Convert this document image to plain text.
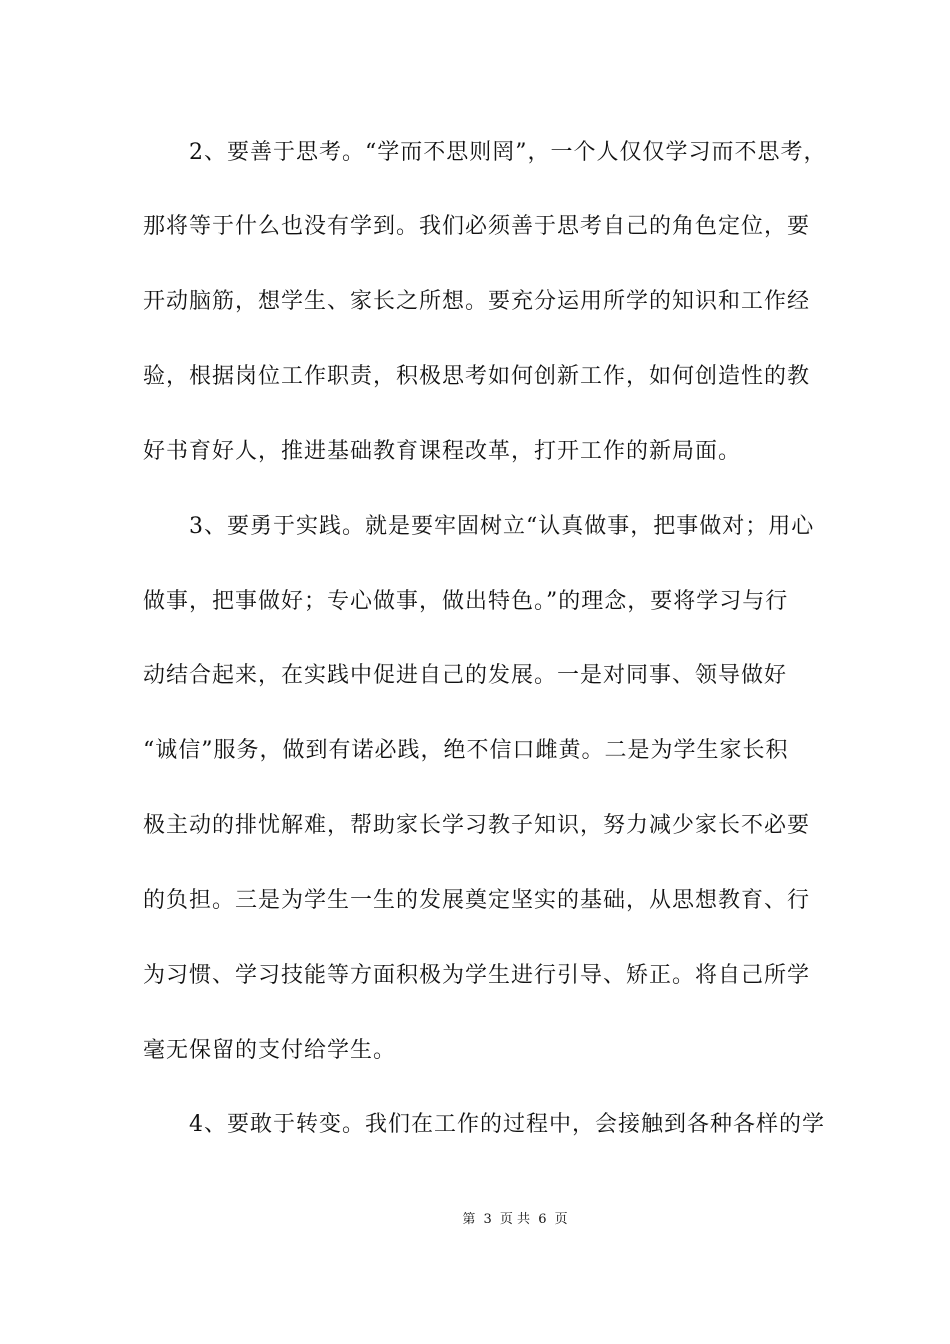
　　2、要善于思考。“学而不思则罔”，一个人仅仅学习而不思考，
那将等于什么也没有学到。我们必须善于思考自己的角色定位，要
开动脑筋，想学生、家长之所想。要充分运用所学的知识和工作经
验，根据岗位工作职责，积极思考如何创新工作，如何创造性的教
好书育好人，推进基础教育课程改革，打开工作的新局面。
　　3、要勇于实践。就是要牢固树立“认真做事，把事做对；用心
做事，把事做好；专心做事，做出特色。”的理念，要将学习与行
动结合起来，在实践中促进自己的发展。一是对同事、领导做好
“诚信”服务，做到有诺必践，绝不信口雌黄。二是为学生家长积
极主动的排忧解难，帮助家长学习教子知识，努力减少家长不必要
的负担。三是为学生一生的发展奠定坚实的基础，从思想教育、行
为习惯、学习技能等方面积极为学生进行引导、矫正。将自己所学
毫无保留的支付给学生。
　　4、要敢于转变。我们在工作的过程中，会接触到各种各样的学
第 3 页 共 6 页
